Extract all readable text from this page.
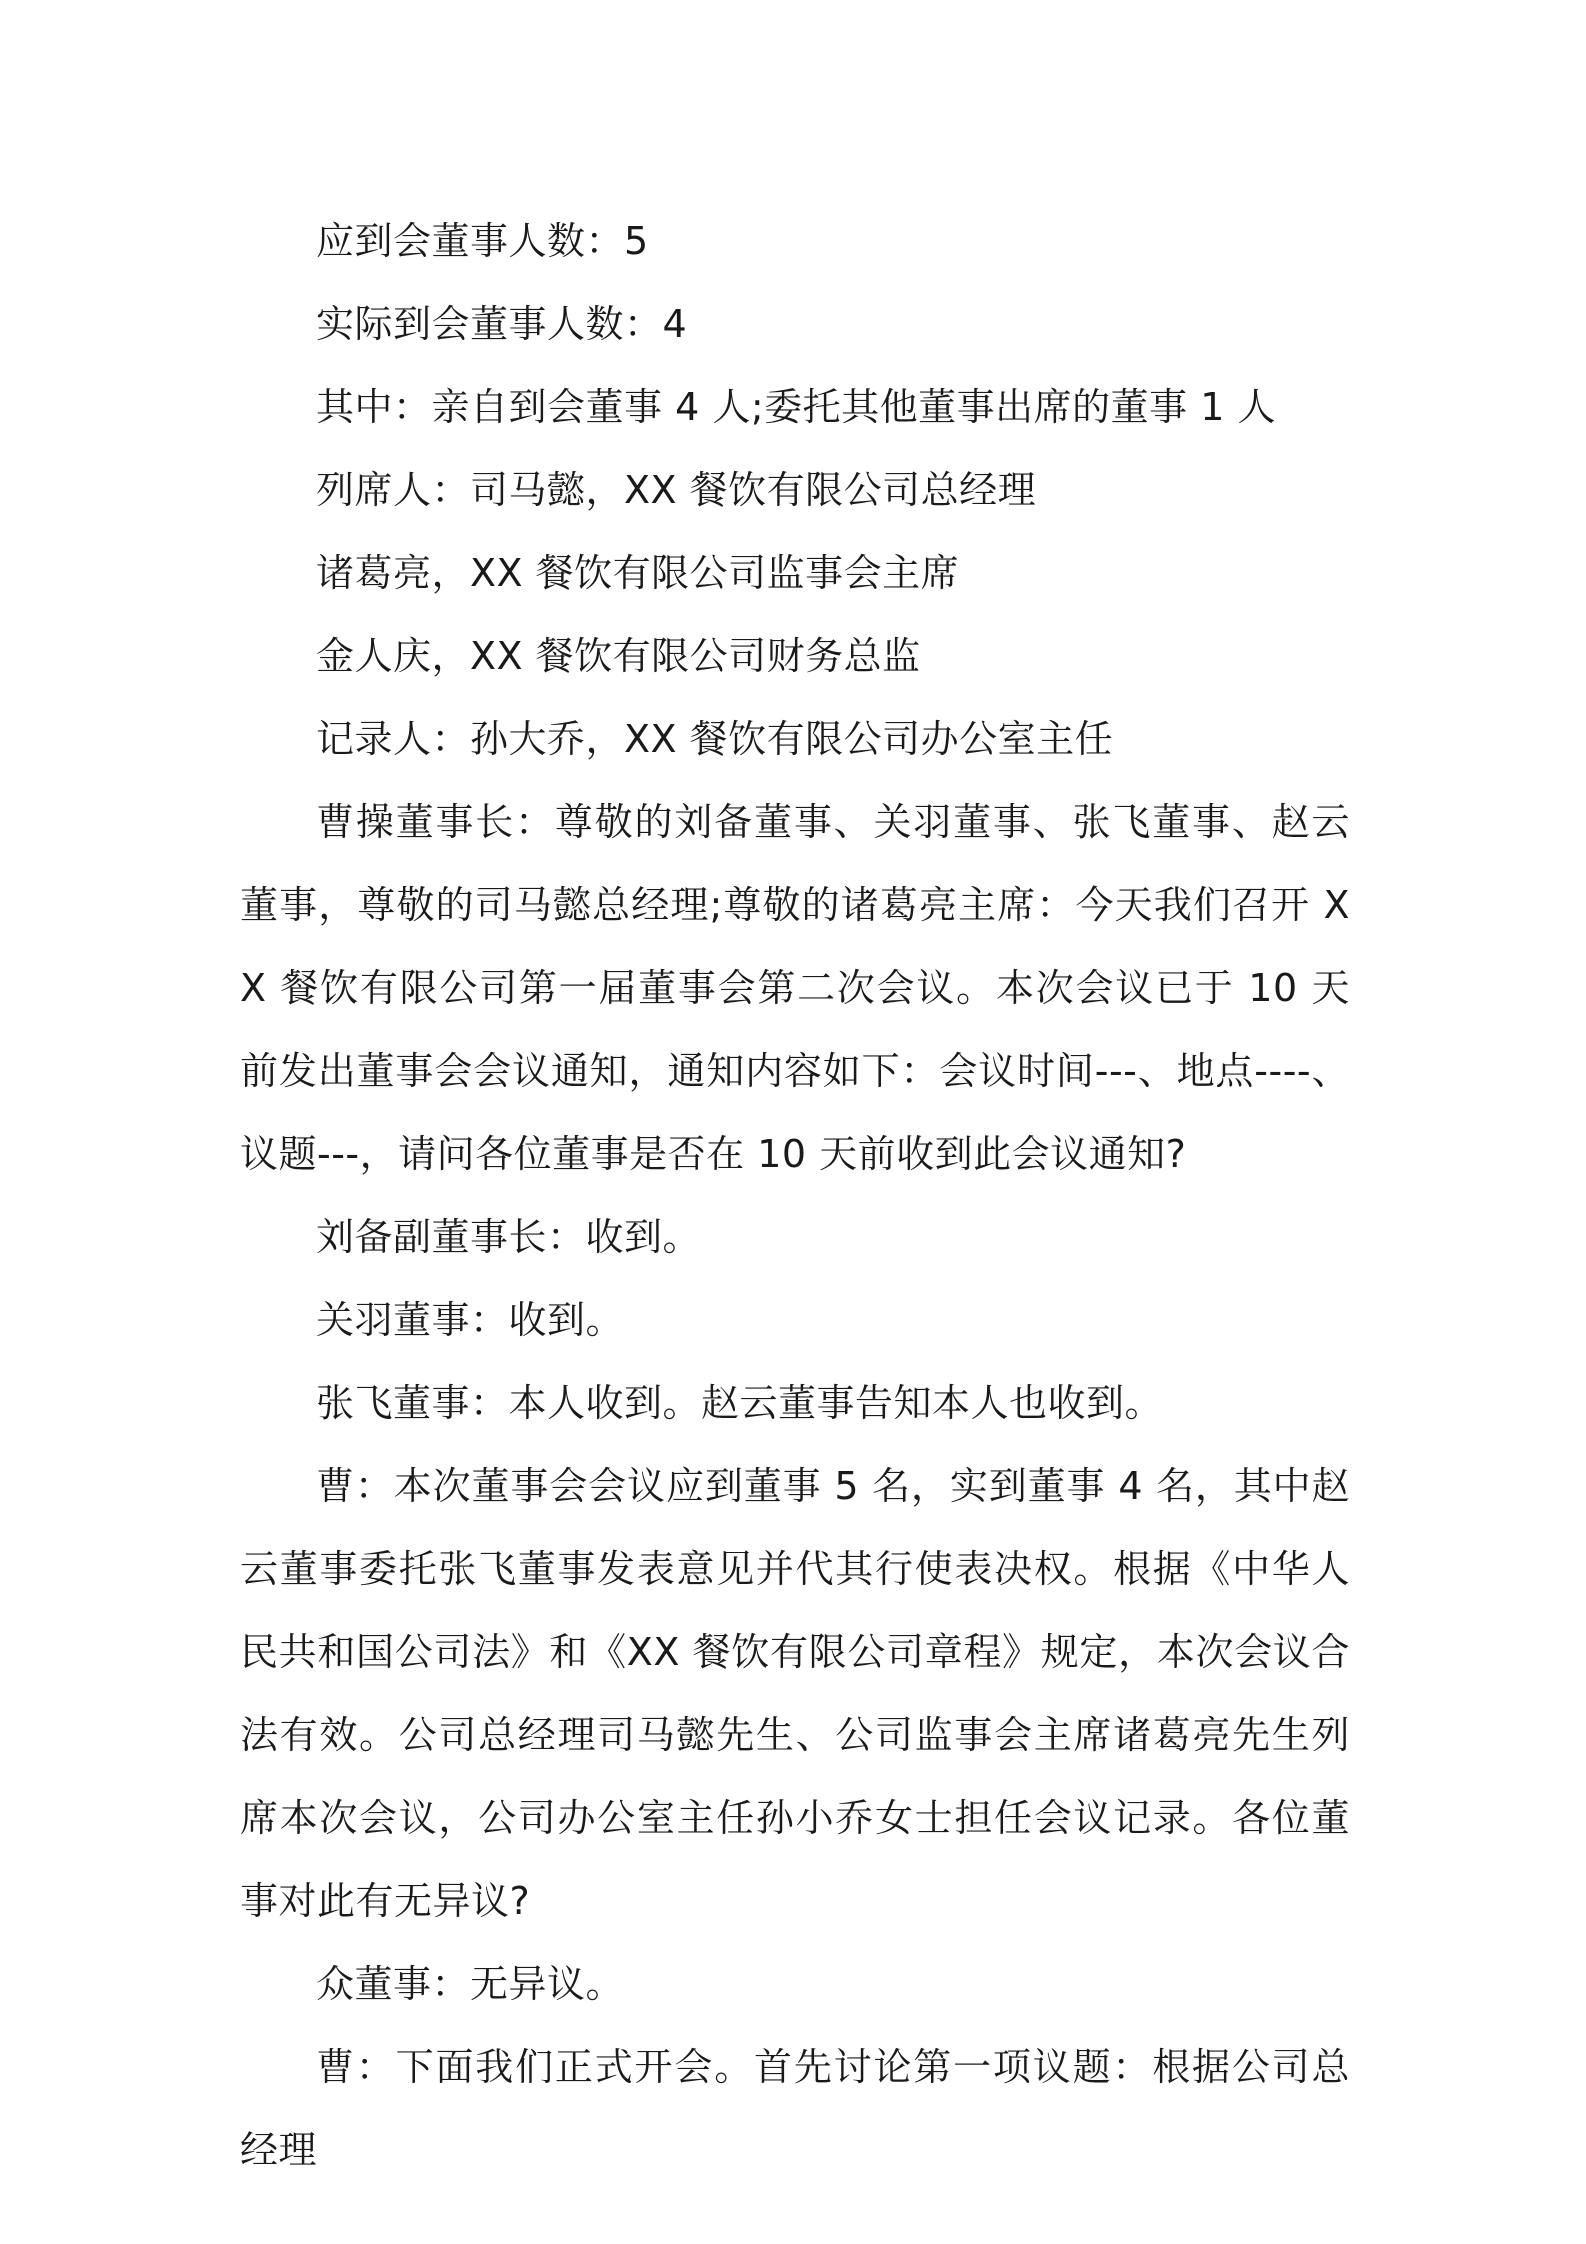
应到会董事人数：5

实际到会董事人数：4

其中：亲自到会董事 4 人;委托其他董事出席的董事 1 人

列席人：司马懿，XX 餐饮有限公司总经理

诸葛亮，XX 餐饮有限公司监事会主席

金人庆，XX 餐饮有限公司财务总监

记录人：孙大乔，XX 餐饮有限公司办公室主任

曹操董事长：尊敬的刘备董事、关羽董事、张飞董事、赵云董事，尊敬的司马懿总经理;尊敬的诸葛亮主席：今天我们召开 XX 餐饮有限公司第一届董事会第二次会议。本次会议已于 10 天前发出董事会会议通知，通知内容如下：会议时间---、地点----、议题---，请问各位董事是否在 10 天前收到此会议通知?

刘备副董事长：收到。

关羽董事：收到。

张飞董事：本人收到。赵云董事告知本人也收到。

曹：本次董事会会议应到董事 5 名，实到董事 4 名，其中赵云董事委托张飞董事发表意见并代其行使表决权。根据《中华人民共和国公司法》和《XX 餐饮有限公司章程》规定，本次会议合法有效。公司总经理司马懿先生、公司监事会主席诸葛亮先生列席本次会议，公司办公室主任孙小乔女士担任会议记录。各位董事对此有无异议?

众董事：无异议。

曹：下面我们正式开会。首先讨论第一项议题：根据公司总经理
